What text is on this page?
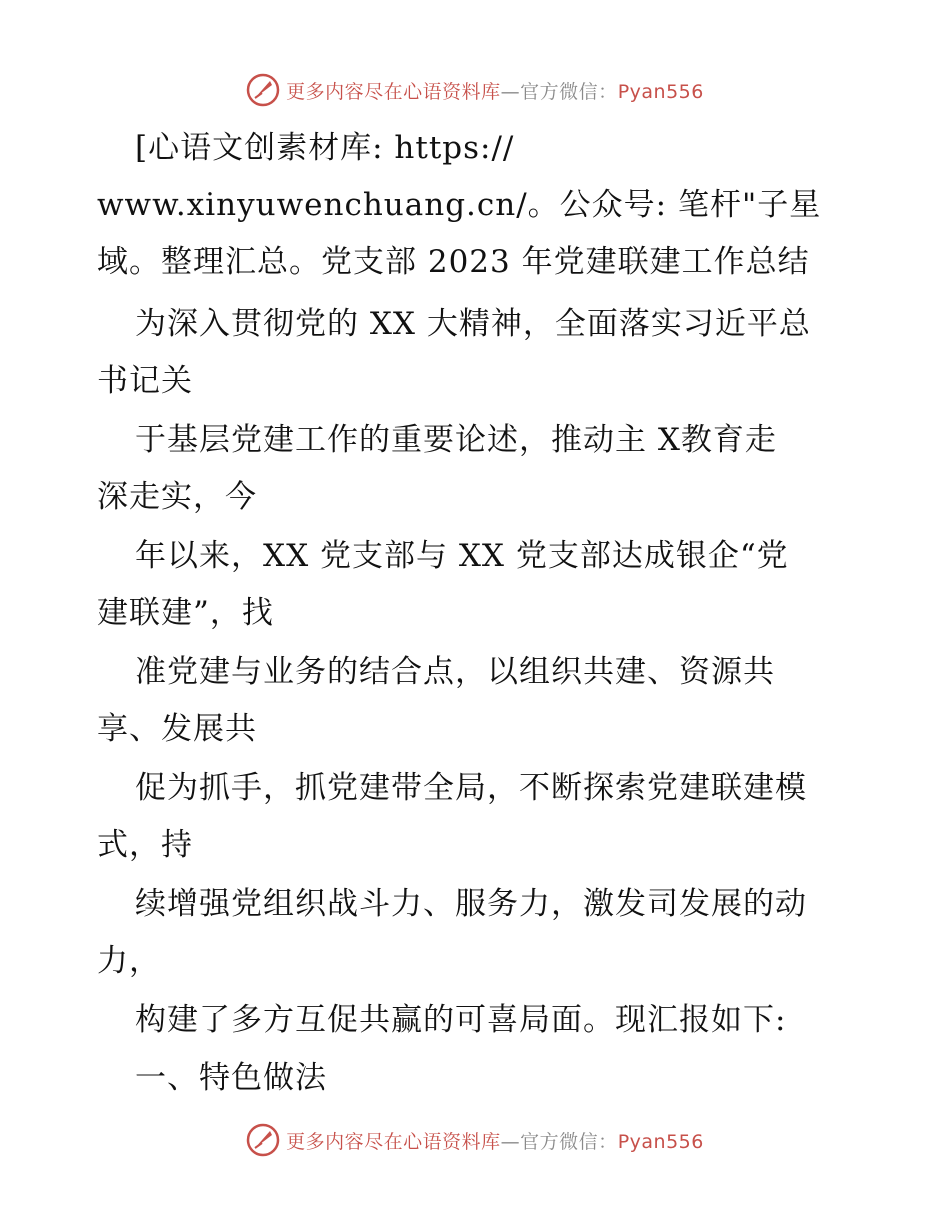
更多内容尽在心语资料库—官方微信：Pyan556
[心语文创素材库: https://
www.xinyuwenchuang.cn/。公众号: 笔杆"子星
域。整理汇总。党支部 2023 年党建联建工作总结
为深入贯彻党的 XX 大精神，全面落实习近平总
书记关
于基层党建工作的重要论述，推动主 X教育走
深走实，今
年以来，XX 党支部与 XX 党支部达成银企“党
建联建”，找
准党建与业务的结合点，以组织共建、资源共
享、发展共
促为抓手，抓党建带全局，不断探索党建联建模
式，持
续增强党组织战斗力、服务力，激发司发展的动
力，
构建了多方互促共赢的可喜局面。现汇报如下:
一、特色做法
更多内容尽在心语资料库—官方微信：Pyan556
